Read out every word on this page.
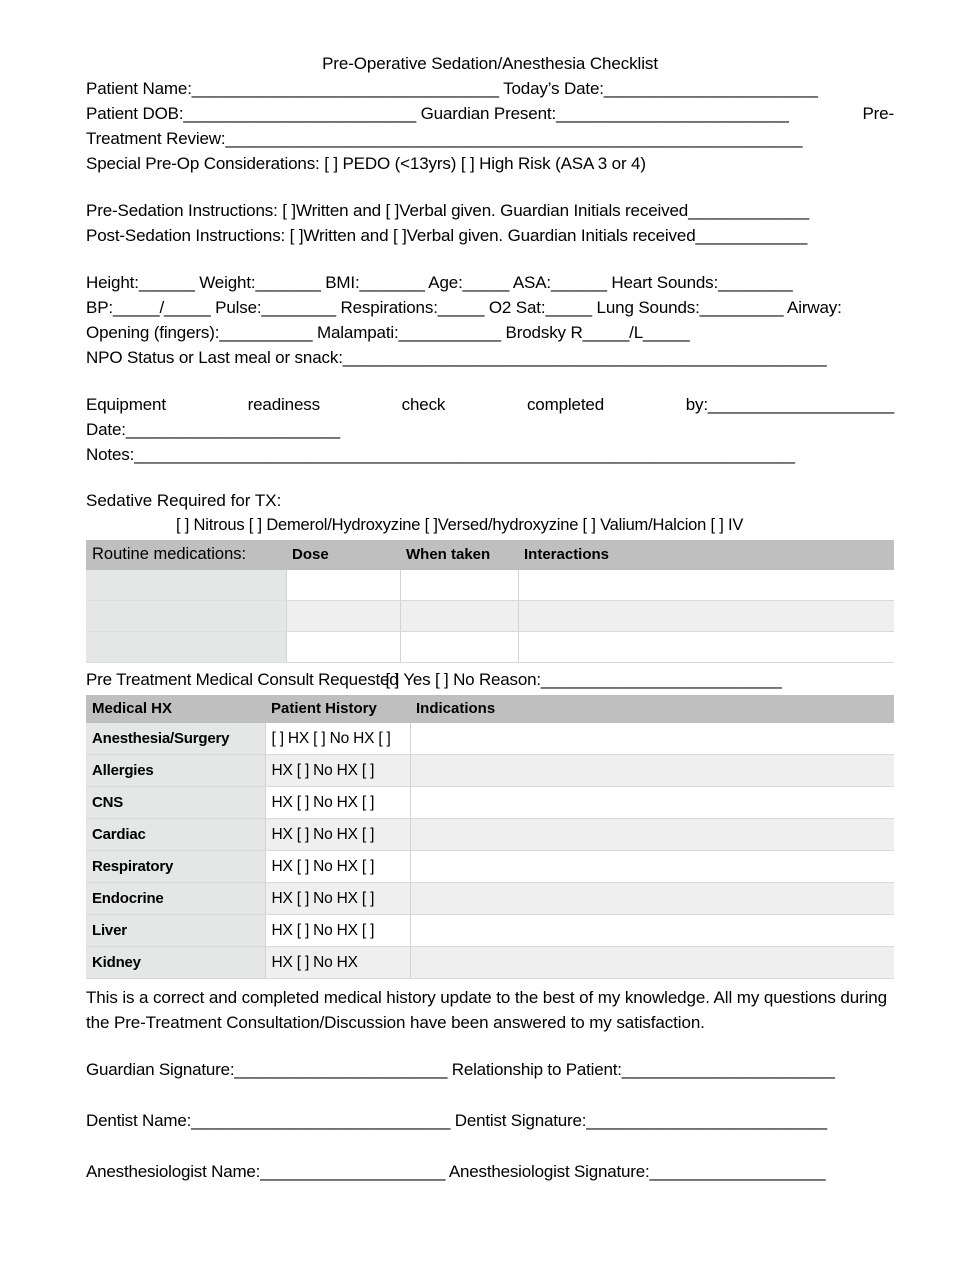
Pre-Operative Sedation/Anesthesia Checklist
Patient Name:_________________________________ Today’s Date:_______________________
Patient DOB:_________________________ Guardian Present:_________________________	Pre-
Treatment Review:______________________________________________________________
Special Pre-Op Considerations: [ ] PEDO (<13yrs) [ ] High Risk (ASA 3 or 4)
Pre-Sedation Instructions: [ ]Written and [ ]Verbal given. Guardian Initials received_____________
Post-Sedation Instructions: [ ]Written and [ ]Verbal given. Guardian Initials received____________
Height:______ Weight:_______ BMI:_______ Age:_____ ASA:______ Heart Sounds:________
BP:_____/_____ Pulse:________ Respirations:_____ O2 Sat:_____ Lung Sounds:_________ Airway:
Opening (fingers):__________ Malampati:___________ Brodsky R_____/L_____
NPO Status or Last meal or snack:____________________________________________________
Equipment	readiness	check	completed	by:____________________
Date:_______________________
Notes:_______________________________________________________________________
Sedative Required for TX:
[ ] Nitrous [ ] Demerol/Hydroxyzine [ ]Versed/hydroxyzine [ ] Valium/Halcion [ ] IV
Routine medications:	Dose	When taken	Interactions

Pre Treatment Medical Consult Requested[ ] Yes [ ] No Reason:__________________________
Medical HX	Patient History	Indications
Anesthesia/Surgery	[ ] HX [ ] No HX [ ]	
Allergies	HX [ ] No HX [ ]	
CNS	HX [ ] No HX [ ]	
Cardiac	HX [ ] No HX [ ]	
Respiratory	HX [ ] No HX [ ]	
Endocrine	HX [ ] No HX [ ]	
Liver	HX [ ] No HX [ ]	
Kidney	HX [ ] No HX	
This is a correct and completed medical history update to the best of my knowledge. All my questions during the Pre-Treatment Consultation/Discussion have been answered to my satisfaction.
Guardian Signature:_______________________ Relationship to Patient:_______________________
Dentist Name:____________________________ Dentist Signature:__________________________
Anesthesiologist Name:____________________ Anesthesiologist Signature:___________________
